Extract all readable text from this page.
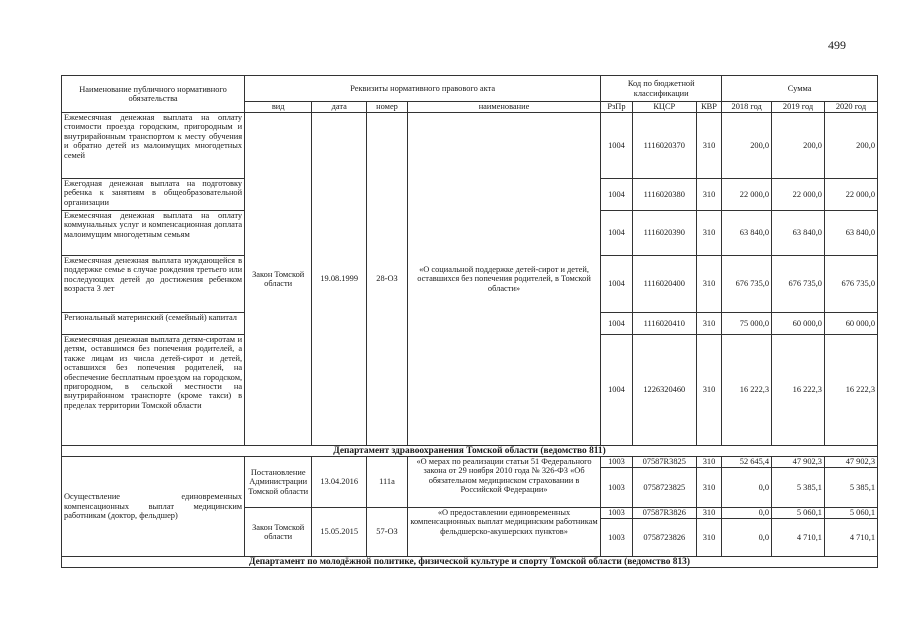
499
Наименование публичного нормативного обязательства	Реквизиты нормативного правового акта				Код по бюджетной классификации			Сумма		
	вид	дата	номер	наименование	РзПр	КЦСР	КВР	2018 год	2019 год	2020 год
Ежемесячная денежная выплата на оплату стоимости проезда городским, пригородным и внутрирайонным транспортом к месту обучения и обратно детей из малоимущих многодетных семей	Закон Томской области	19.08.1999	28-ОЗ	«О социальной поддержке детей-сирот и детей, оставшихся без попечения родителей, в Томской области»	1004	1116020370	310	200,0	200,0	200,0
Ежегодная денежная выплата на подготовку ребенка к занятиям в общеобразовательной организации					1004	1116020380	310	22 000,0	22 000,0	22 000,0
Ежемесячная денежная выплата на оплату коммунальных услуг и компенсационная доплата малоимущим многодетным семьям					1004	1116020390	310	63 840,0	63 840,0	63 840,0
Ежемесячная денежная выплата нуждающейся в поддержке семье в случае рождения третьего или последующих детей до достижения ребенком возраста 3 лет					1004	1116020400	310	676 735,0	676 735,0	676 735,0
Региональный материнский (семейный) капитал					1004	1116020410	310	75 000,0	60 000,0	60 000,0
Ежемесячная денежная выплата детям-сиротам и детям, оставшимся без попечения родителей, а также лицам из числа детей-сирот и детей, оставшихся без попечения родителей, на обеспечение бесплатным проездом на городском, пригородном, в сельской местности на внутрирайонном транспорте (кроме такси) в пределах территории Томской области					1004	1226320460	310	16 222,3	16 222,3	16 222,3
Департамент здравоохранения Томской области (ведомство 811)										
Осуществление единовременных компенсационных выплат медицинским работникам (доктор, фельдшер)	Постановление Администрации Томской области	13.04.2016	111а	«О мерах по реализации статьи 51 Федерального закона от 29 ноября 2010 года № 326-ФЗ «Об обязательном медицинском страховании в Российской Федерации»	1003	07587R3825	310	52 645,4	47 902,3	47 902,3
					1003	0758723825	310	0,0	5 385,1	5 385,1

	Закон Томской области	15.05.2015	57-ОЗ	«О предоставлении единовременных компенсационных выплат медицинским работникам фельдшерско-акушерских пунктов»	1003	07587R3826	310	0,0	5 060,1	5 060,1
					1003	0758723826	310	0,0	4 710,1	4 710,1

Департамент по молодёжной политике, физической культуре и спорту Томской области (ведомство 813)										
